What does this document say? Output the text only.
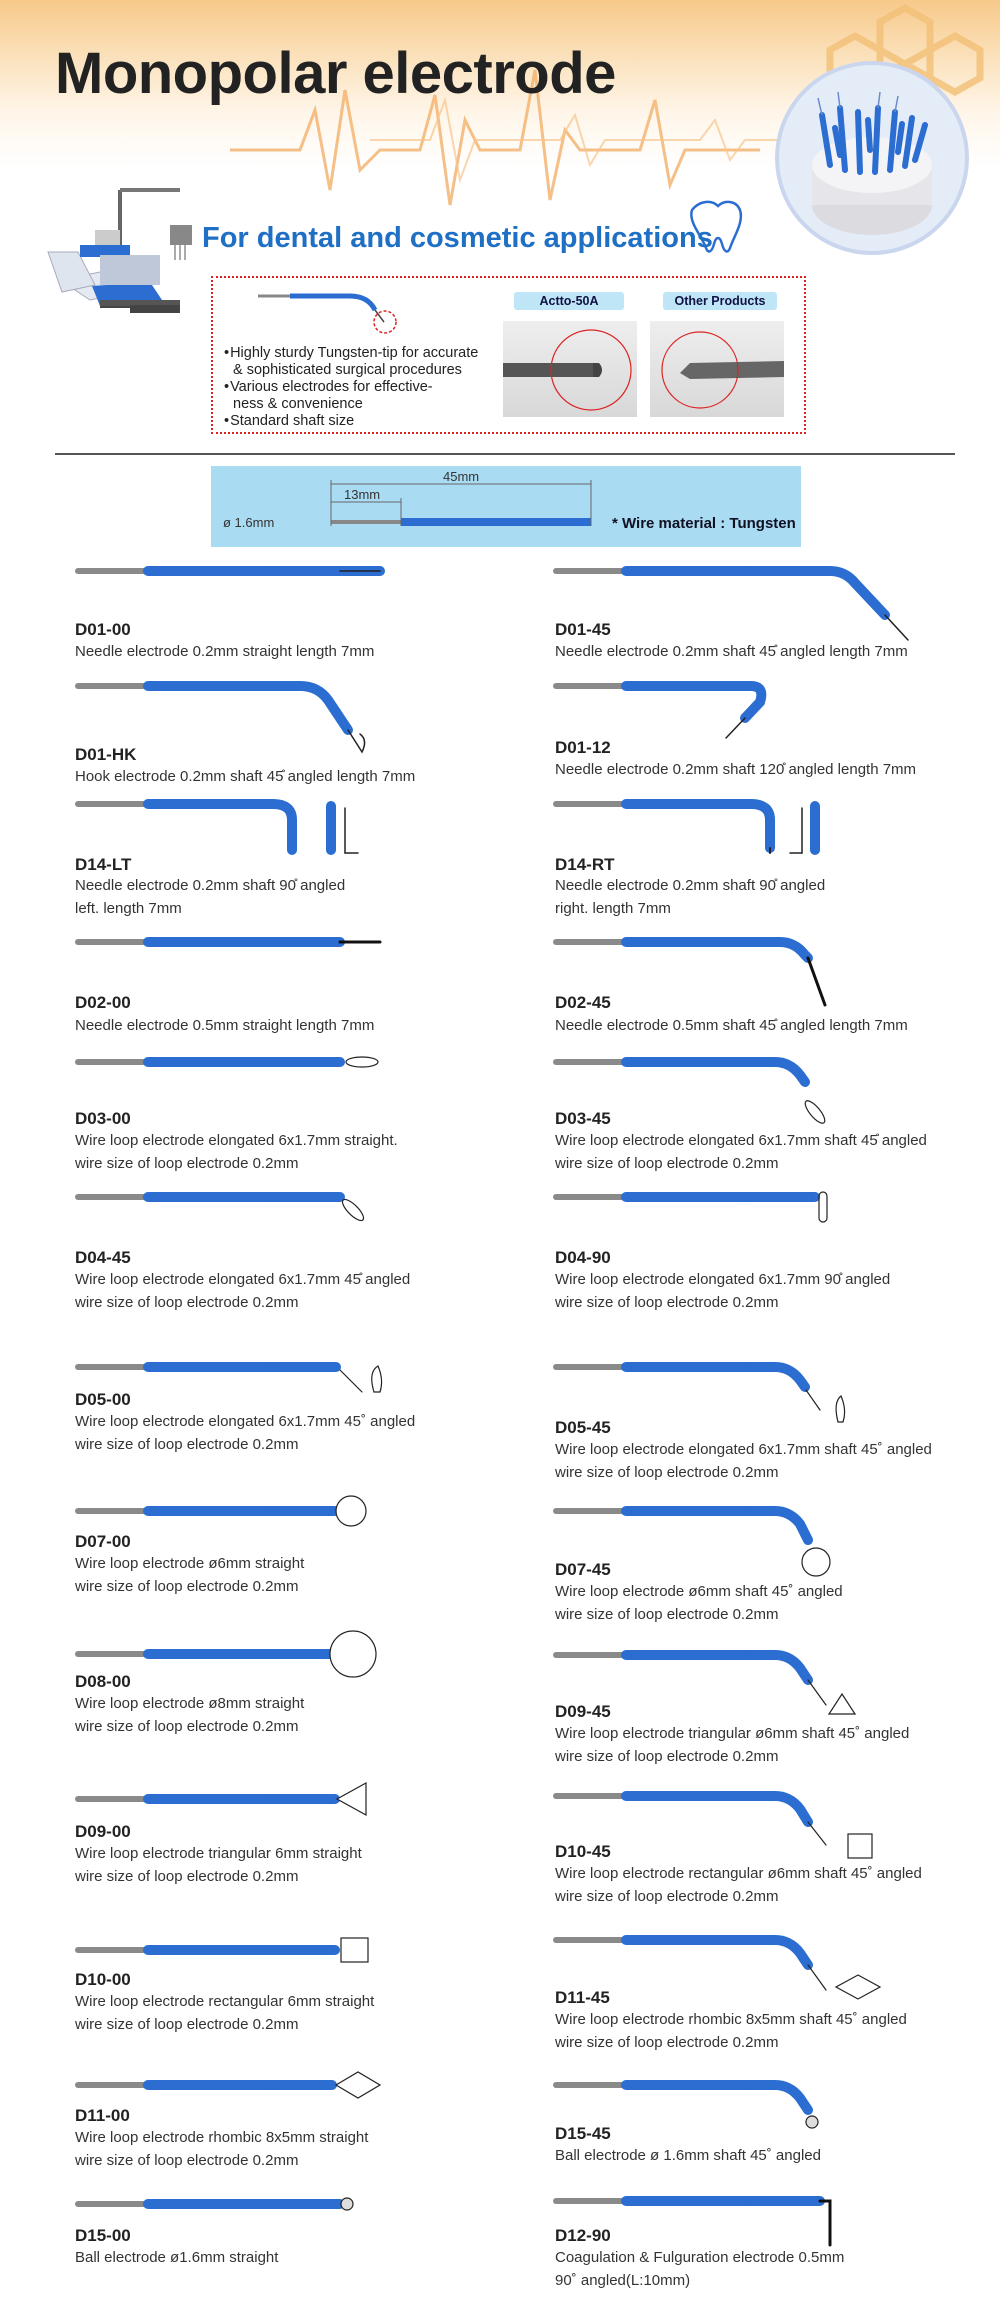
Monopolar electrode
For dental and cosmetic applications
• Highly sturdy Tungsten-tip for accurate
& sophisticated surgical procedures
• Various electrodes for effective-
ness & convenience
• Standard shaft size
Actto-50A	Other Products
45mm
13mm
ø 1.6mm	* Wire material : Tungsten
D01-00
Needle electrode 0.2mm straight length 7mm
D01-45
Needle electrode 0.2mm shaft 45̊ angled length 7mm
D01-HK
Hook electrode 0.2mm shaft 45̊ angled length 7mm
D01-12
Needle electrode 0.2mm shaft 120̊ angled length 7mm
D14-LT
Needle electrode 0.2mm shaft 90̊ angled
left. length 7mm
D14-RT
Needle electrode 0.2mm shaft 90̊ angled
right. length 7mm
D02-00
Needle electrode 0.5mm straight length 7mm
D02-45
Needle electrode 0.5mm shaft 45̊ angled length 7mm
D03-00
Wire loop electrode elongated 6x1.7mm straight.
wire size of loop electrode 0.2mm
D03-45
Wire loop electrode elongated 6x1.7mm shaft 45̊ angled
wire size of loop electrode 0.2mm
D04-45
Wire loop electrode elongated 6x1.7mm 45̊ angled
wire size of loop electrode 0.2mm
D04-90
Wire loop electrode elongated 6x1.7mm 90̊ angled
wire size of loop electrode 0.2mm
D05-00
Wire loop electrode elongated 6x1.7mm 45˚ angled
wire size of loop electrode 0.2mm
D05-45
Wire loop electrode elongated 6x1.7mm shaft 45˚ angled
wire size of loop electrode 0.2mm
D07-00
Wire loop electrode ø6mm straight
wire size of loop electrode 0.2mm
D07-45
Wire loop electrode ø6mm shaft 45˚ angled
wire size of loop electrode 0.2mm
D08-00
Wire loop electrode ø8mm straight
wire size of loop electrode 0.2mm
D09-45
Wire loop electrode triangular ø6mm shaft 45˚ angled
wire size of loop electrode 0.2mm
D09-00
Wire loop electrode triangular 6mm straight
wire size of loop electrode 0.2mm
D10-45
Wire loop electrode rectangular ø6mm shaft 45˚ angled
wire size of loop electrode 0.2mm
D10-00
Wire loop electrode rectangular 6mm straight
wire size of loop electrode 0.2mm
D11-45
Wire loop electrode rhombic 8x5mm shaft 45˚ angled
wire size of loop electrode 0.2mm
D11-00
Wire loop electrode rhombic 8x5mm straight
wire size of loop electrode 0.2mm
D15-45
Ball electrode ø 1.6mm shaft 45˚ angled
D15-00
Ball electrode ø1.6mm straight
D12-90
Coagulation & Fulguration electrode 0.5mm
90˚ angled(L:10mm)
